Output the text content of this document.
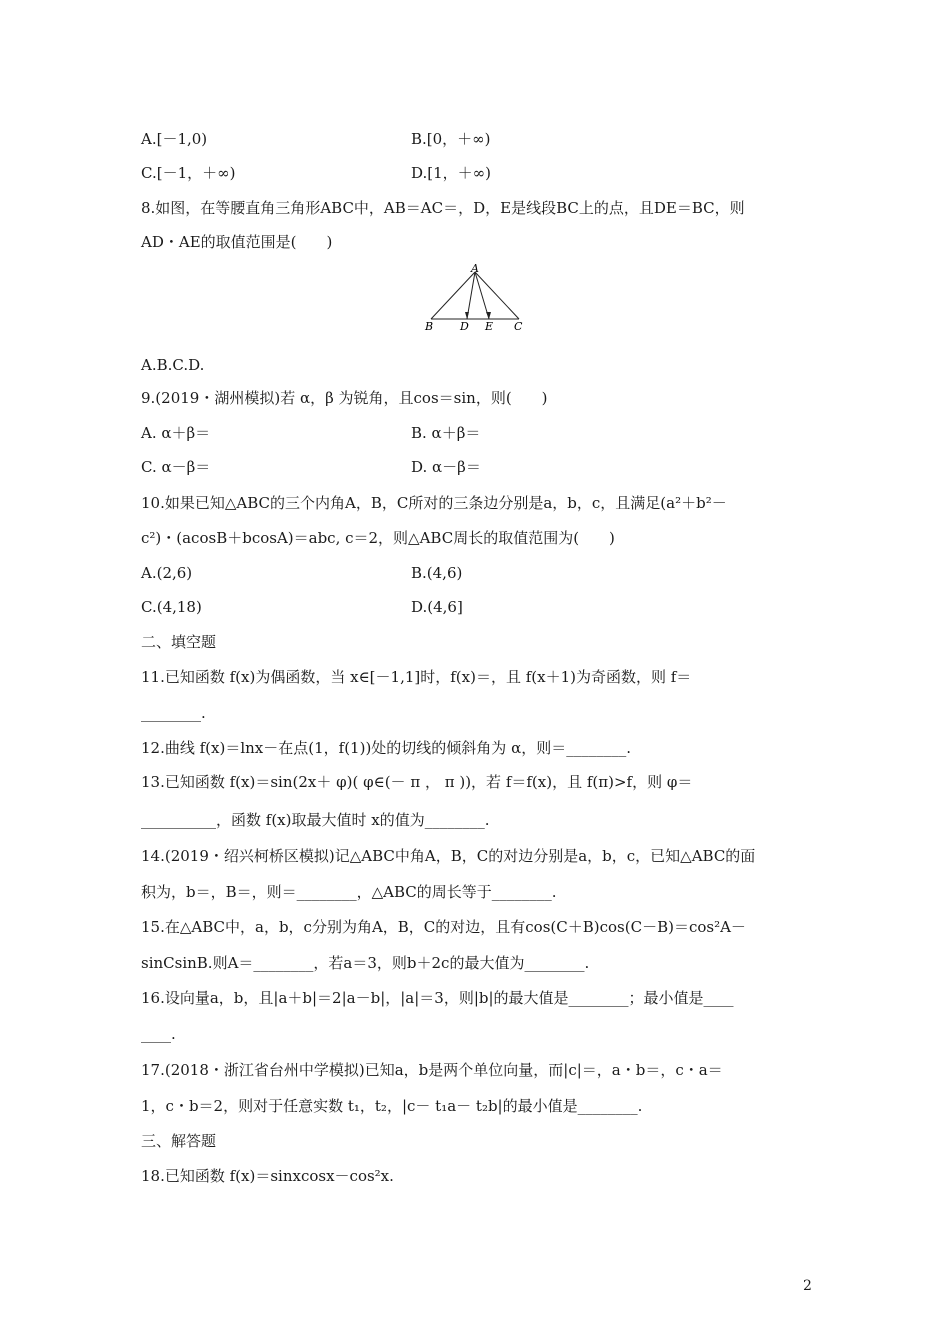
A.[－1,0)	B.[0，＋∞)
C.[－1，＋∞)	D.[1，＋∞)
8.如图，在等腰直角三角形ABC中，AB＝AC＝，D，E是线段BC上的点，且DE＝BC，则
AD・AE的取值范围是(　　)
A
B D E C
A.B.C.D.
9.(2019・湖州模拟)若 α，β 为锐角，且cos＝sin，则(　　)
A. α＋β＝	B. α＋β＝
C. α－β＝	D. α－β＝
10.如果已知△ABC的三个内角A，B，C所对的三条边分别是a，b，c，且满足(a²＋b²－
c²)・(acosB＋bcosA)＝abc, c＝2，则△ABC周长的取值范围为(　　)
A.(2,6)	B.(4,6)
C.(4,18)	D.(4,6]
二、填空题
11.已知函数 f(x)为偶函数，当 x∈[－1,1]时，f(x)＝，且 f(x＋1)为奇函数，则 f＝
________.
12.曲线 f(x)＝lnx－在点(1，f(1))处的切线的倾斜角为 α，则＝________.
13.已知函数 f(x)＝sin(2x＋ φ)( φ∈(－ π ， π ))，若 f＝f(x)，且 f(π)>f，则 φ＝
__________，函数 f(x)取最大值时 x的值为________.
14.(2019・绍兴柯桥区模拟)记△ABC中角A，B，C的对边分别是a，b，c，已知△ABC的面
积为，b＝，B＝，则＝________，△ABC的周长等于________.
15.在△ABC中，a，b，c分别为角A，B，C的对边，且有cos(C＋B)cos(C－B)＝cos²A－
sinCsinB.则A＝________，若a＝3，则b＋2c的最大值为________.
16.设向量a，b，且|a＋b|＝2|a－b|，|a|＝3，则|b|的最大值是________；最小值是____
____.
17.(2018・浙江省台州中学模拟)已知a，b是两个单位向量，而|c|＝，a・b＝，c・a＝
1，c・b＝2，则对于任意实数 t₁，t₂，|c－ t₁a－ t₂b|的最小值是________.
三、解答题
18.已知函数 f(x)＝sinxcosx－cos²x.
2
